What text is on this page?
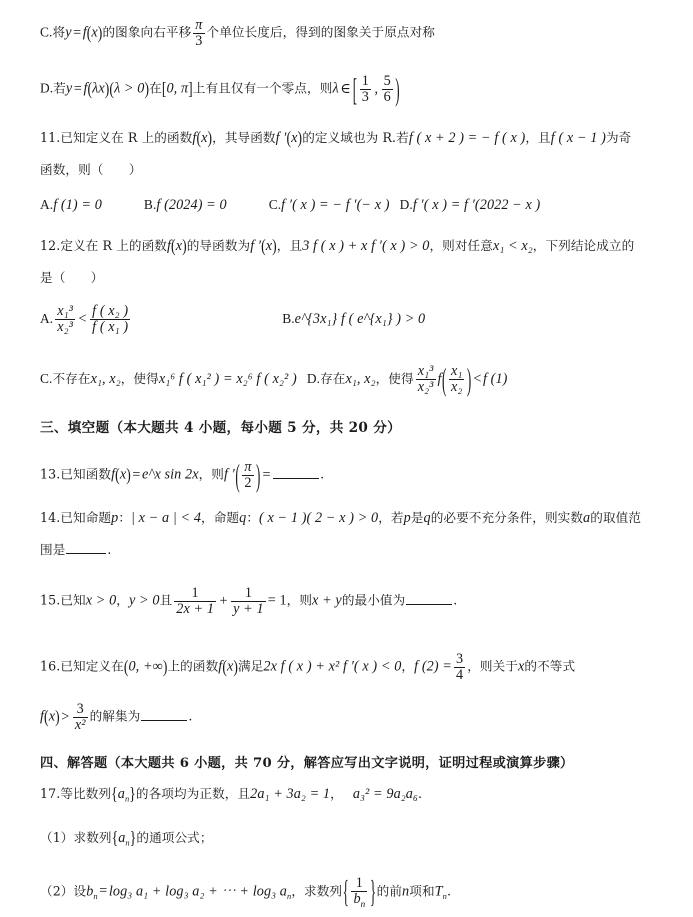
C.将y = f(x)的图象向右平移 $\frac{\pi}{3}$ 个单位长度后，得到的图象关于原点对称
D.若y = f(λx)(λ > 0)在[0, π]上有且仅有一个零点，则λ ∈ [ $\frac{1}{3}$ , $\frac{5}{6}$ )
11.已知定义在 R 上的函数f(x)，其导函数f ′(x)的定义域也为 R.若f ( x + 2 ) = − f ( x )，且f ( x − 1 )为奇
函数，则（　　）
A.f (1) = 0	B.f (2024) = 0	C.f ′( x ) = − f ′(− x ) D.f ′( x ) = f ′(2022 − x )
12.定义在 R 上的函数f(x)的导函数为f ′(x)，且3 f ( x ) + x f ′( x ) > 0，则对任意x₁ < x₂，下列结论成立的
是（　　）
A. $\frac{\text{x₁³}}{\text{x₂³}} < \frac{\text{f ( x₂ )}}{\text{f ( x₁ )}}$	B.e^{3x₁} f ( e^{x₁} ) > 0
C.不存在x₁, x₂，使得x₁⁶ f ( x₁² ) = x₂⁶ f ( x₂² ) D.存在x₁, x₂，使得 $\frac{\text{x₁³}}{\text{x₂³}} f( \frac{\text{x₁}}{\text{x₂}}$ ) < f (1)
三、填空题（本大题共 4 小题，每小题 5 分，共 20 分）
13.已知函数f(x) = e^x sin 2x，则f ′( $\frac{\pi}{2}$ ) =	.
14.已知命题p：| x − a | < 4，命题q：( x − 1 )( 2 − x ) > 0，若p是q的必要不充分条件，则实数a的取值范
围是	.
15.已知x > 0，y > 0且 $\frac{1}{2x + 1} + \frac{1}{y + 1} = 1$，则x + y的最小值为	.
16.已知定义在(0, +∞)上的函数f(x)满足2x f ( x ) + x² f ′( x ) < 0，f $(2) = \frac{3}{4}$ ，则关于x的不等式
$f(x) > \frac{3}{\text{x²}}$ 的解集为	.
四、解答题（本大题共 6 小题，共 70 分，解答应写出文字说明，证明过程或演算步骤）
17.等比数列$\{a_n\}$的各项均为正数，且2a₁ + 3a₂ = 1， a₃² = 9a₂a₆.
（1）求数列$\{a_n\}$的通项公式；
（2）设$b_n = \log_3$ a₁ + log₃ a₂ + ⋯ + log₃ $a_n$，求数列{ $\frac{1}{b_n}$ }的前n项和$T_n$.
